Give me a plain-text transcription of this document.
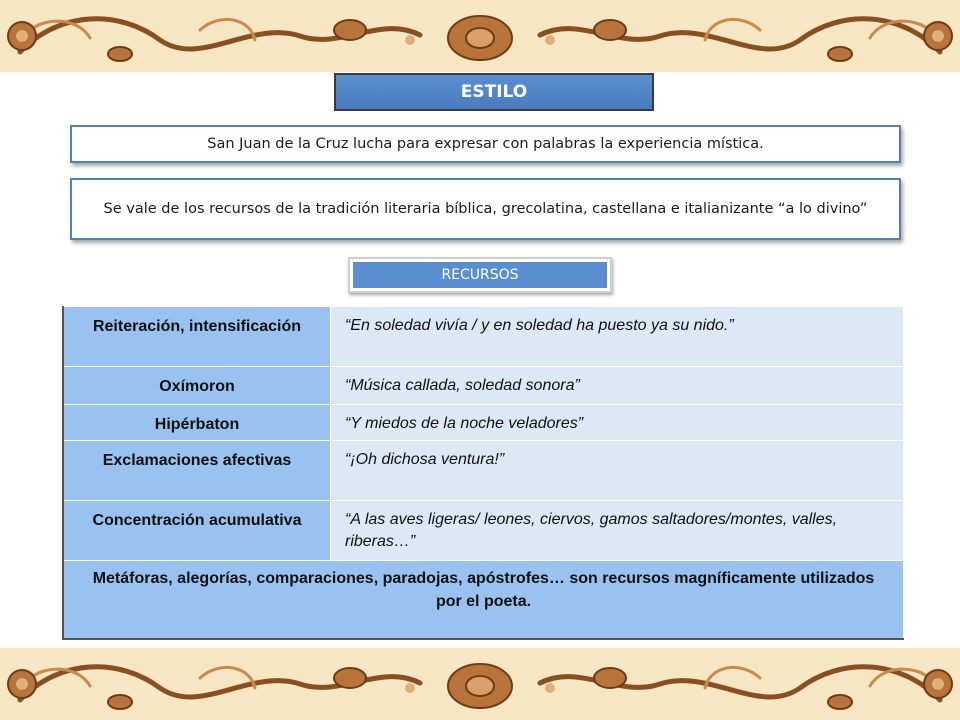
ESTILO
San Juan de la Cruz lucha para expresar con palabras la experiencia mística.
Se vale de los recursos de la tradición literaria bíblica, grecolatina, castellana e italianizante “a lo divino”
RECURSOS
Reiteración, intensificación	“En soledad vivía / y en soledad ha puesto ya su nido.”
Oxímoron	“Música callada, soledad sonora”
Hipérbaton	“Y miedos de la noche veladores”
Exclamaciones afectivas	“¡Oh dichosa ventura!”
Concentración acumulativa	“A las aves ligeras/ leones, ciervos, gamos saltadores/montes, valles, riberas…”
Metáforas, alegorías, comparaciones, paradojas, apóstrofes… son recursos magníficamente utilizados por el poeta.	
